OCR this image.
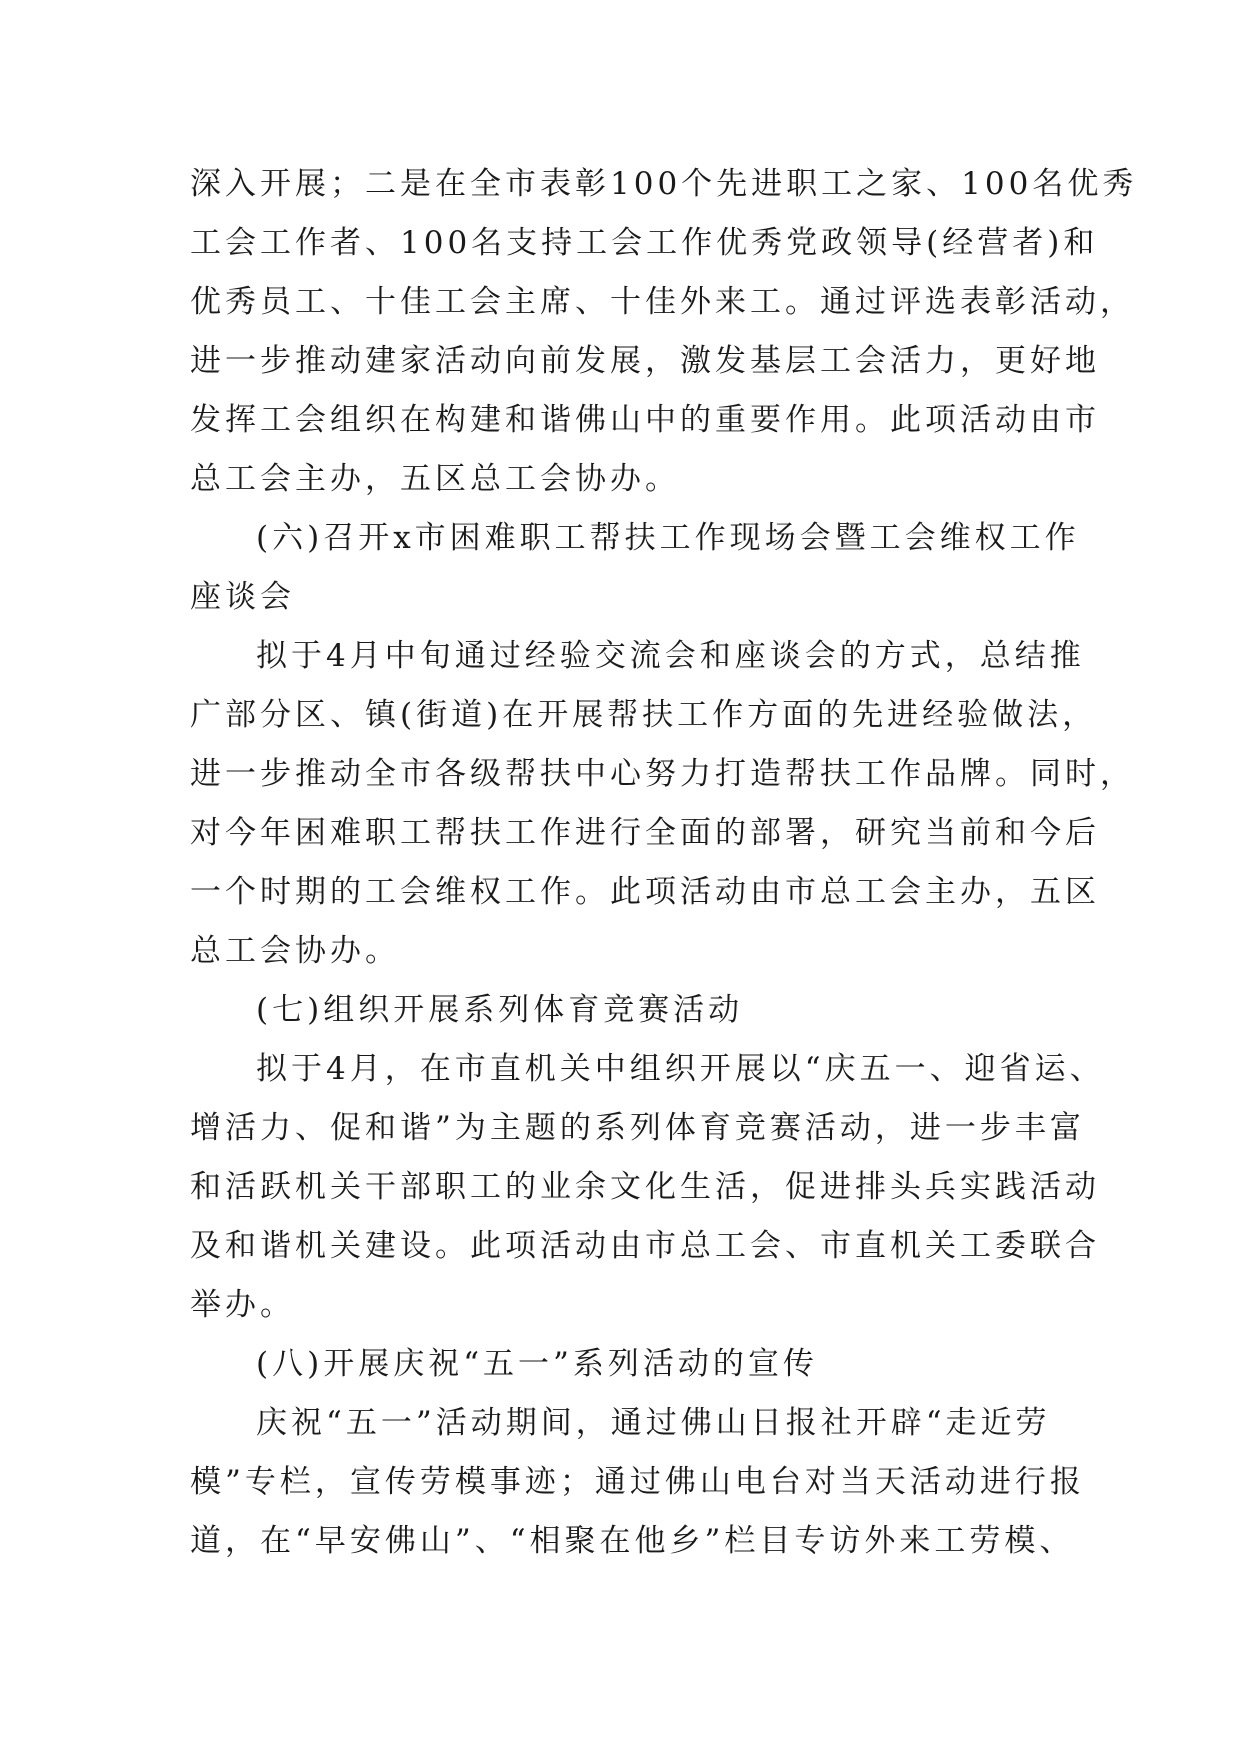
深入开展；二是在全市表彰100个先进职工之家、100名优秀
工会工作者、100名支持工会工作优秀党政领导(经营者)和
优秀员工、十佳工会主席、十佳外来工。通过评选表彰活动，
进一步推动建家活动向前发展，激发基层工会活力，更好地
发挥工会组织在构建和谐佛山中的重要作用。此项活动由市
总工会主办，五区总工会协办。
(六)召开x市困难职工帮扶工作现场会暨工会维权工作
座谈会
拟于4月中旬通过经验交流会和座谈会的方式，总结推
广部分区、镇(街道)在开展帮扶工作方面的先进经验做法，
进一步推动全市各级帮扶中心努力打造帮扶工作品牌。同时，
对今年困难职工帮扶工作进行全面的部署，研究当前和今后
一个时期的工会维权工作。此项活动由市总工会主办，五区
总工会协办。
(七)组织开展系列体育竞赛活动
拟于4月，在市直机关中组织开展以“庆五一、迎省运、
增活力、促和谐”为主题的系列体育竞赛活动，进一步丰富
和活跃机关干部职工的业余文化生活，促进排头兵实践活动
及和谐机关建设。此项活动由市总工会、市直机关工委联合
举办。
(八)开展庆祝“五一”系列活动的宣传
庆祝“五一”活动期间，通过佛山日报社开辟“走近劳
模”专栏，宣传劳模事迹；通过佛山电台对当天活动进行报
道，在“早安佛山”、“相聚在他乡”栏目专访外来工劳模、
